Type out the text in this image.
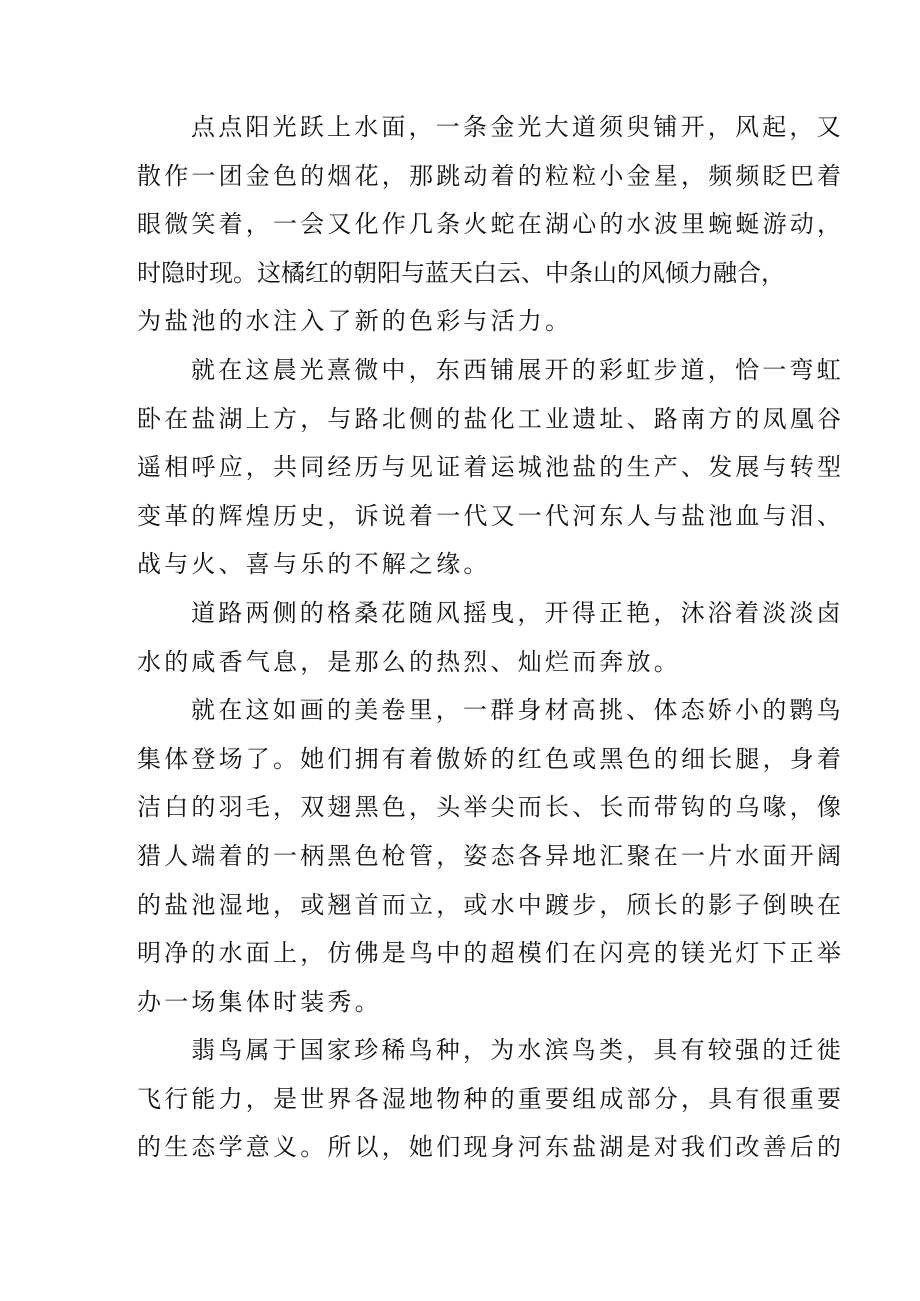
点点阳光跃上水面，一条金光大道须臾铺开，风起，又
散作一团金色的烟花，那跳动着的粒粒小金星，频频眨巴着
眼微笑着，一会又化作几条火蛇在湖心的水波里蜿蜒游动，
时隐时现。这橘红的朝阳与蓝天白云、中条山的风倾力融合，
为盐池的水注入了新的色彩与活力。
就在这晨光熹微中，东西铺展开的彩虹步道，恰一弯虹
卧在盐湖上方，与路北侧的盐化工业遗址、路南方的凤凰谷
遥相呼应，共同经历与见证着运城池盐的生产、发展与转型
变革的辉煌历史，诉说着一代又一代河东人与盐池血与泪、
战与火、喜与乐的不解之缘。
道路两侧的格桑花随风摇曳，开得正艳，沐浴着淡淡卤
水的咸香气息，是那么的热烈、灿烂而奔放。
就在这如画的美卷里，一群身材高挑、体态娇小的鹮鸟
集体登场了。她们拥有着傲娇的红色或黑色的细长腿，身着
洁白的羽毛，双翅黑色，头举尖而长、长而带钩的乌喙，像
猎人端着的一柄黑色枪管，姿态各异地汇聚在一片水面开阔
的盐池湿地，或翘首而立，或水中踱步，颀长的影子倒映在
明净的水面上，仿佛是鸟中的超模们在闪亮的镁光灯下正举
办一场集体时装秀。
翡鸟属于国家珍稀鸟种，为水滨鸟类，具有较强的迁徙
飞行能力，是世界各湿地物种的重要组成部分，具有很重要
的生态学意义。所以，她们现身河东盐湖是对我们改善后的
